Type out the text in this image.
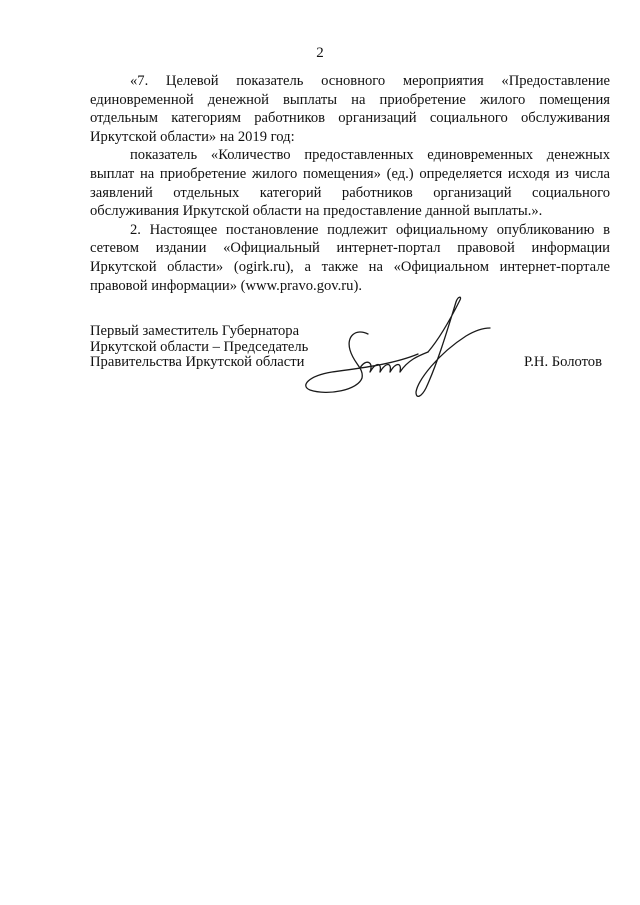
2

«7. Целевой показатель основного мероприятия «Предоставление единовременной денежной выплаты на приобретение жилого помещения отдельным категориям работников организаций социального обслуживания Иркутской области» на 2019 год:

показатель «Количество предоставленных единовременных денежных выплат на приобретение жилого помещения» (ед.) определяется исходя из числа заявлений отдельных категорий работников организаций социального обслуживания Иркутской области на предоставление данной выплаты.».

2. Настоящее постановление подлежит официальному опубликованию в сетевом издании «Официальный интернет-портал правовой информации Иркутской области» (ogirk.ru), а также на «Официальном интернет-портале правовой информации» (www.pravo.gov.ru).

Первый заместитель Губернатора
Иркутской области – Председатель
Правительства Иркутской области	Р.Н. Болотов
